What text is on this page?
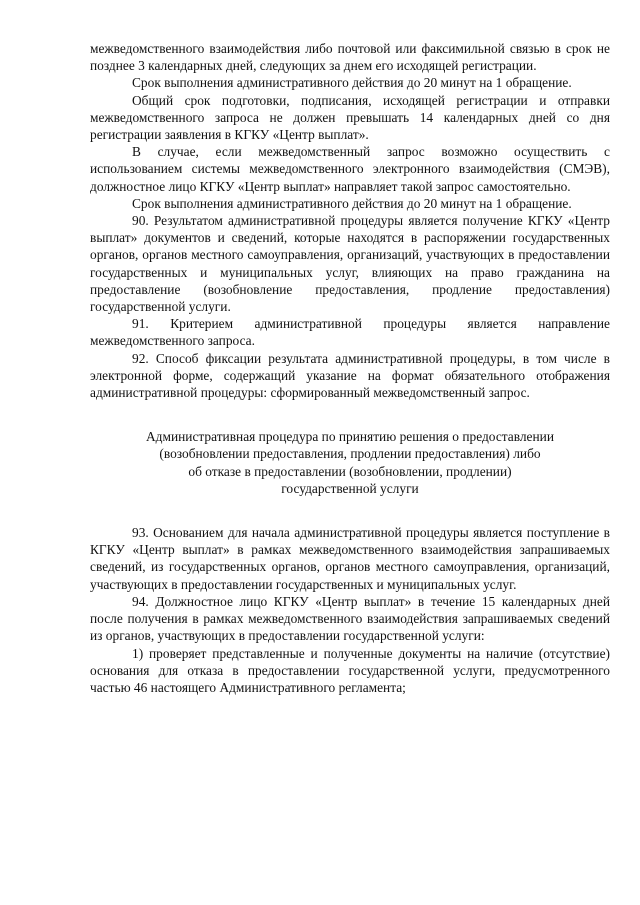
межведомственного взаимодействия либо почтовой или факсимильной связью в срок не позднее 3 календарных дней, следующих за днем его исходящей регистрации.

Срок выполнения административного действия до 20 минут на 1 обращение.

Общий срок подготовки, подписания, исходящей регистрации и отправки межведомственного запроса не должен превышать 14 календарных дней со дня регистрации заявления в КГКУ «Центр выплат».

В случае, если межведомственный запрос возможно осуществить с использованием системы межведомственного электронного взаимодействия (СМЭВ), должностное лицо КГКУ «Центр выплат» направляет такой запрос самостоятельно.

Срок выполнения административного действия до 20 минут на 1 обращение.

90. Результатом административной процедуры является получение КГКУ «Центр выплат» документов и сведений, которые находятся в распоряжении государственных органов, органов местного самоуправления, организаций, участвующих в предоставлении государственных и муниципальных услуг, влияющих на право гражданина на предоставление (возобновление предоставления, продление предоставления) государственной услуги.

91. Критерием административной процедуры является направление межведомственного запроса.

92. Способ фиксации результата административной процедуры, в том числе в электронной форме, содержащий указание на формат обязательного отображения административной процедуры: сформированный межведомственный запрос.

Административная процедура по принятию решения о предоставлении
(возобновлении предоставления, продлении предоставления) либо
об отказе в предоставлении (возобновлении, продлении)
государственной услуги

93. Основанием для начала административной процедуры является поступление в КГКУ «Центр выплат» в рамках межведомственного взаимодействия запрашиваемых сведений, из государственных органов, органов местного самоуправления, организаций, участвующих в предоставлении государственных и муниципальных услуг.

94. Должностное лицо КГКУ «Центр выплат» в течение 15 календарных дней после получения в рамках межведомственного взаимодействия запрашиваемых сведений из органов, участвующих в предоставлении государственной услуги:

1) проверяет представленные и полученные документы на наличие (отсутствие) основания для отказа в предоставлении государственной услуги, предусмотренного частью 46 настоящего Административного регламента;
